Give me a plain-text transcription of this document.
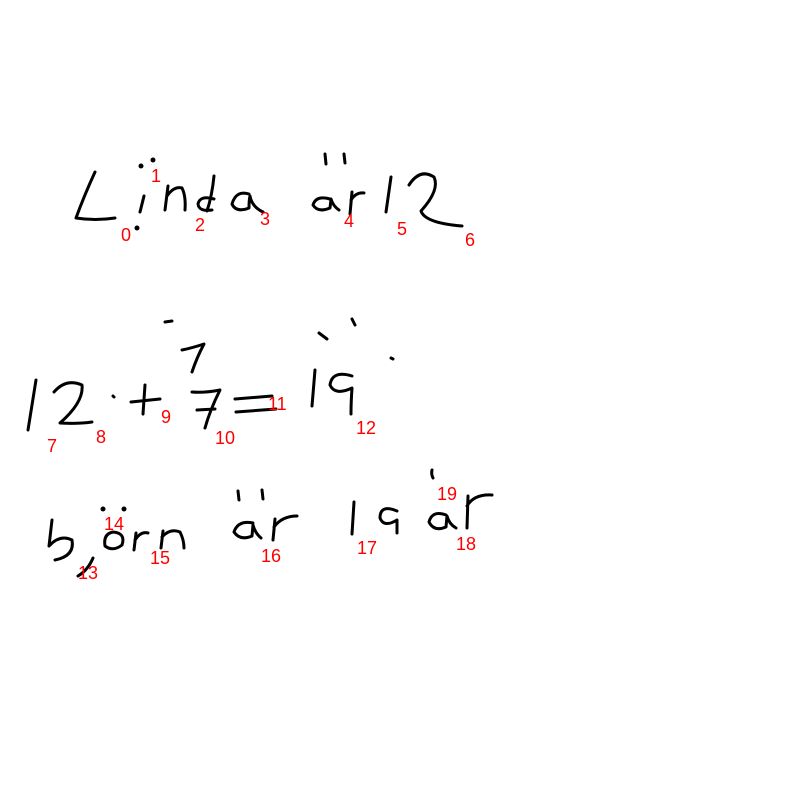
0
1
2	3	4 5
6
7 8
9
10
11
12
13
14
15	16	17	18
19
